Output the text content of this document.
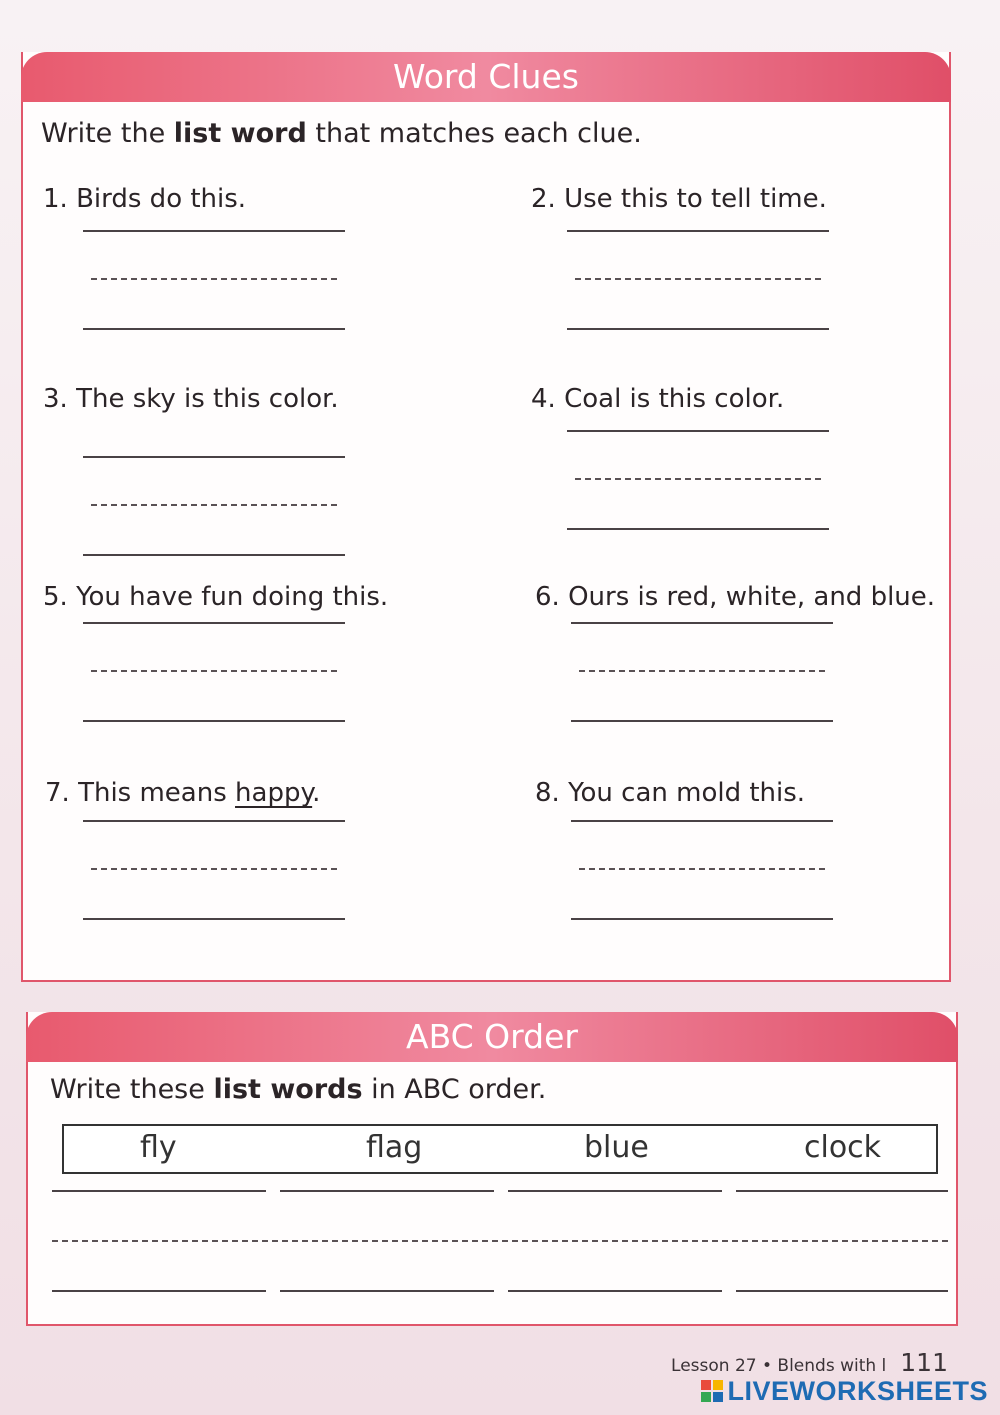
Word Clues
Write the list word that matches each clue.
1. Birds do this.	2. Use this to tell time.
3. The sky is this color.	4. Coal is this color.
5. You have fun doing this.	6. Ours is red, white, and blue.
7. This means happy.	8. You can mold this.
ABC Order
Write these list words in ABC order.
fly	flag	blue	clock
Lesson 27 • Blends with l 111
LIVEWORKSHEETS
